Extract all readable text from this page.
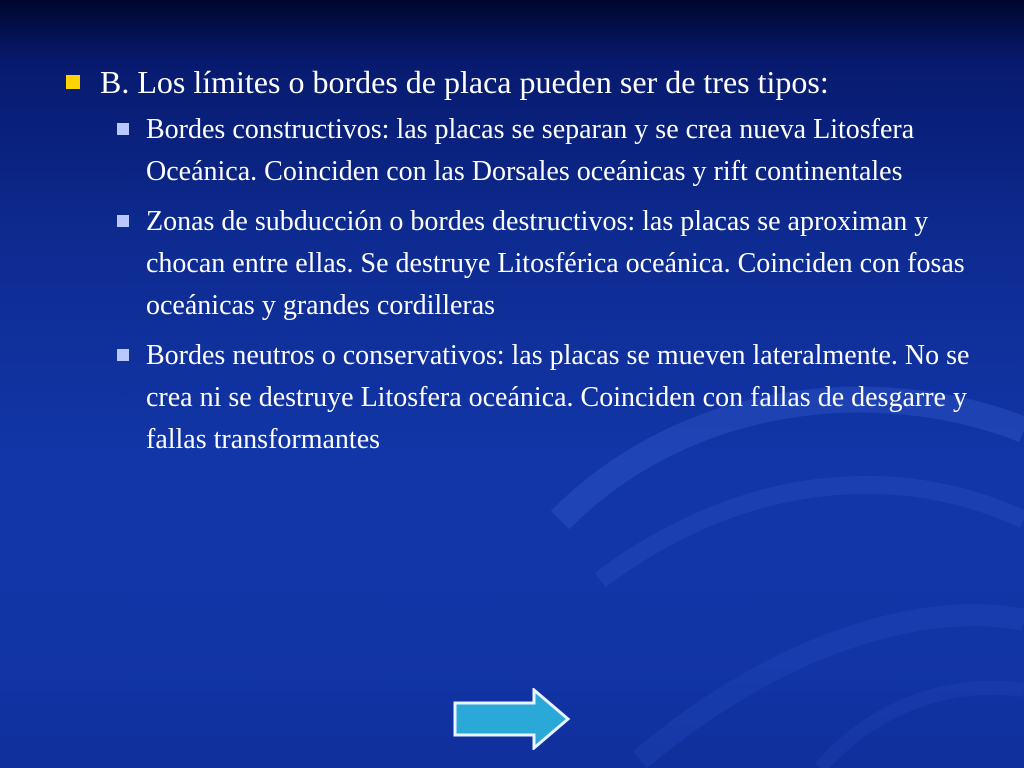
B. Los límites o bordes de placa pueden ser de tres tipos:
Bordes constructivos: las placas se separan y se crea nueva Litosfera Oceánica. Coinciden con las Dorsales oceánicas y rift continentales
Zonas de subducción o bordes destructivos: las placas se aproximan y chocan entre ellas. Se destruye Litosférica oceánica. Coinciden con fosas oceánicas y grandes cordilleras
Bordes neutros o conservativos: las placas se mueven lateralmente. No se crea ni se destruye Litosfera oceánica. Coinciden con fallas de desgarre y fallas transformantes
